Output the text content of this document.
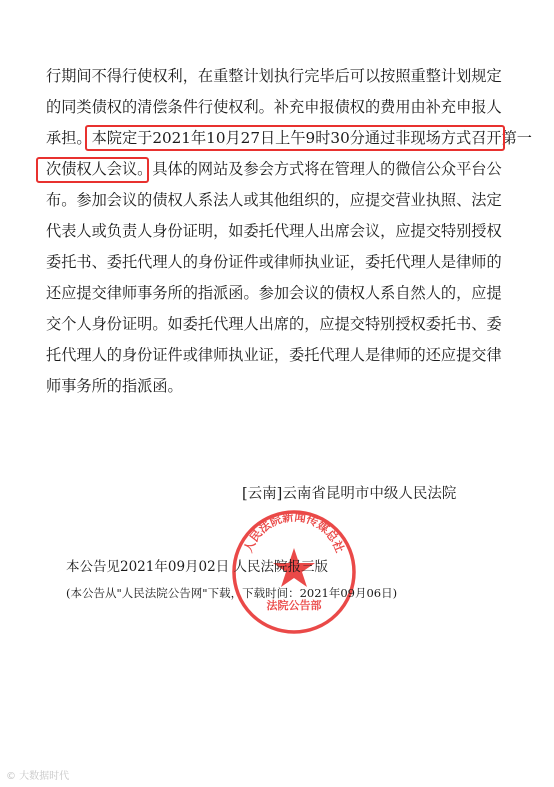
行期间不得行使权利，在重整计划执行完毕后可以按照重整计划规定
的同类债权的清偿条件行使权利。补充申报债权的费用由补充申报人
承担。本院定于2021年10月27日上午9时30分通过非现场方式召开第一
次债权人会议。具体的网站及参会方式将在管理人的微信公众平台公
布。参加会议的债权人系法人或其他组织的，应提交营业执照、法定
代表人或负责人身份证明，如委托代理人出席会议，应提交特别授权
委托书、委托代理人的身份证件或律师执业证，委托代理人是律师的
还应提交律师事务所的指派函。参加会议的债权人系自然人的，应提
交个人身份证明。如委托代理人出席的，应提交特别授权委托书、委
托代理人的身份证件或律师执业证，委托代理人是律师的还应提交律
师事务所的指派函。
[云南]云南省昆明市中级人民法院
人民法院新闻传媒总社
法院公告部
本公告见2021年09月02日 人民法院报三版
(本公告从"人民法院公告网"下载，下载时间：2021年09月06日)
© 大数据时代
